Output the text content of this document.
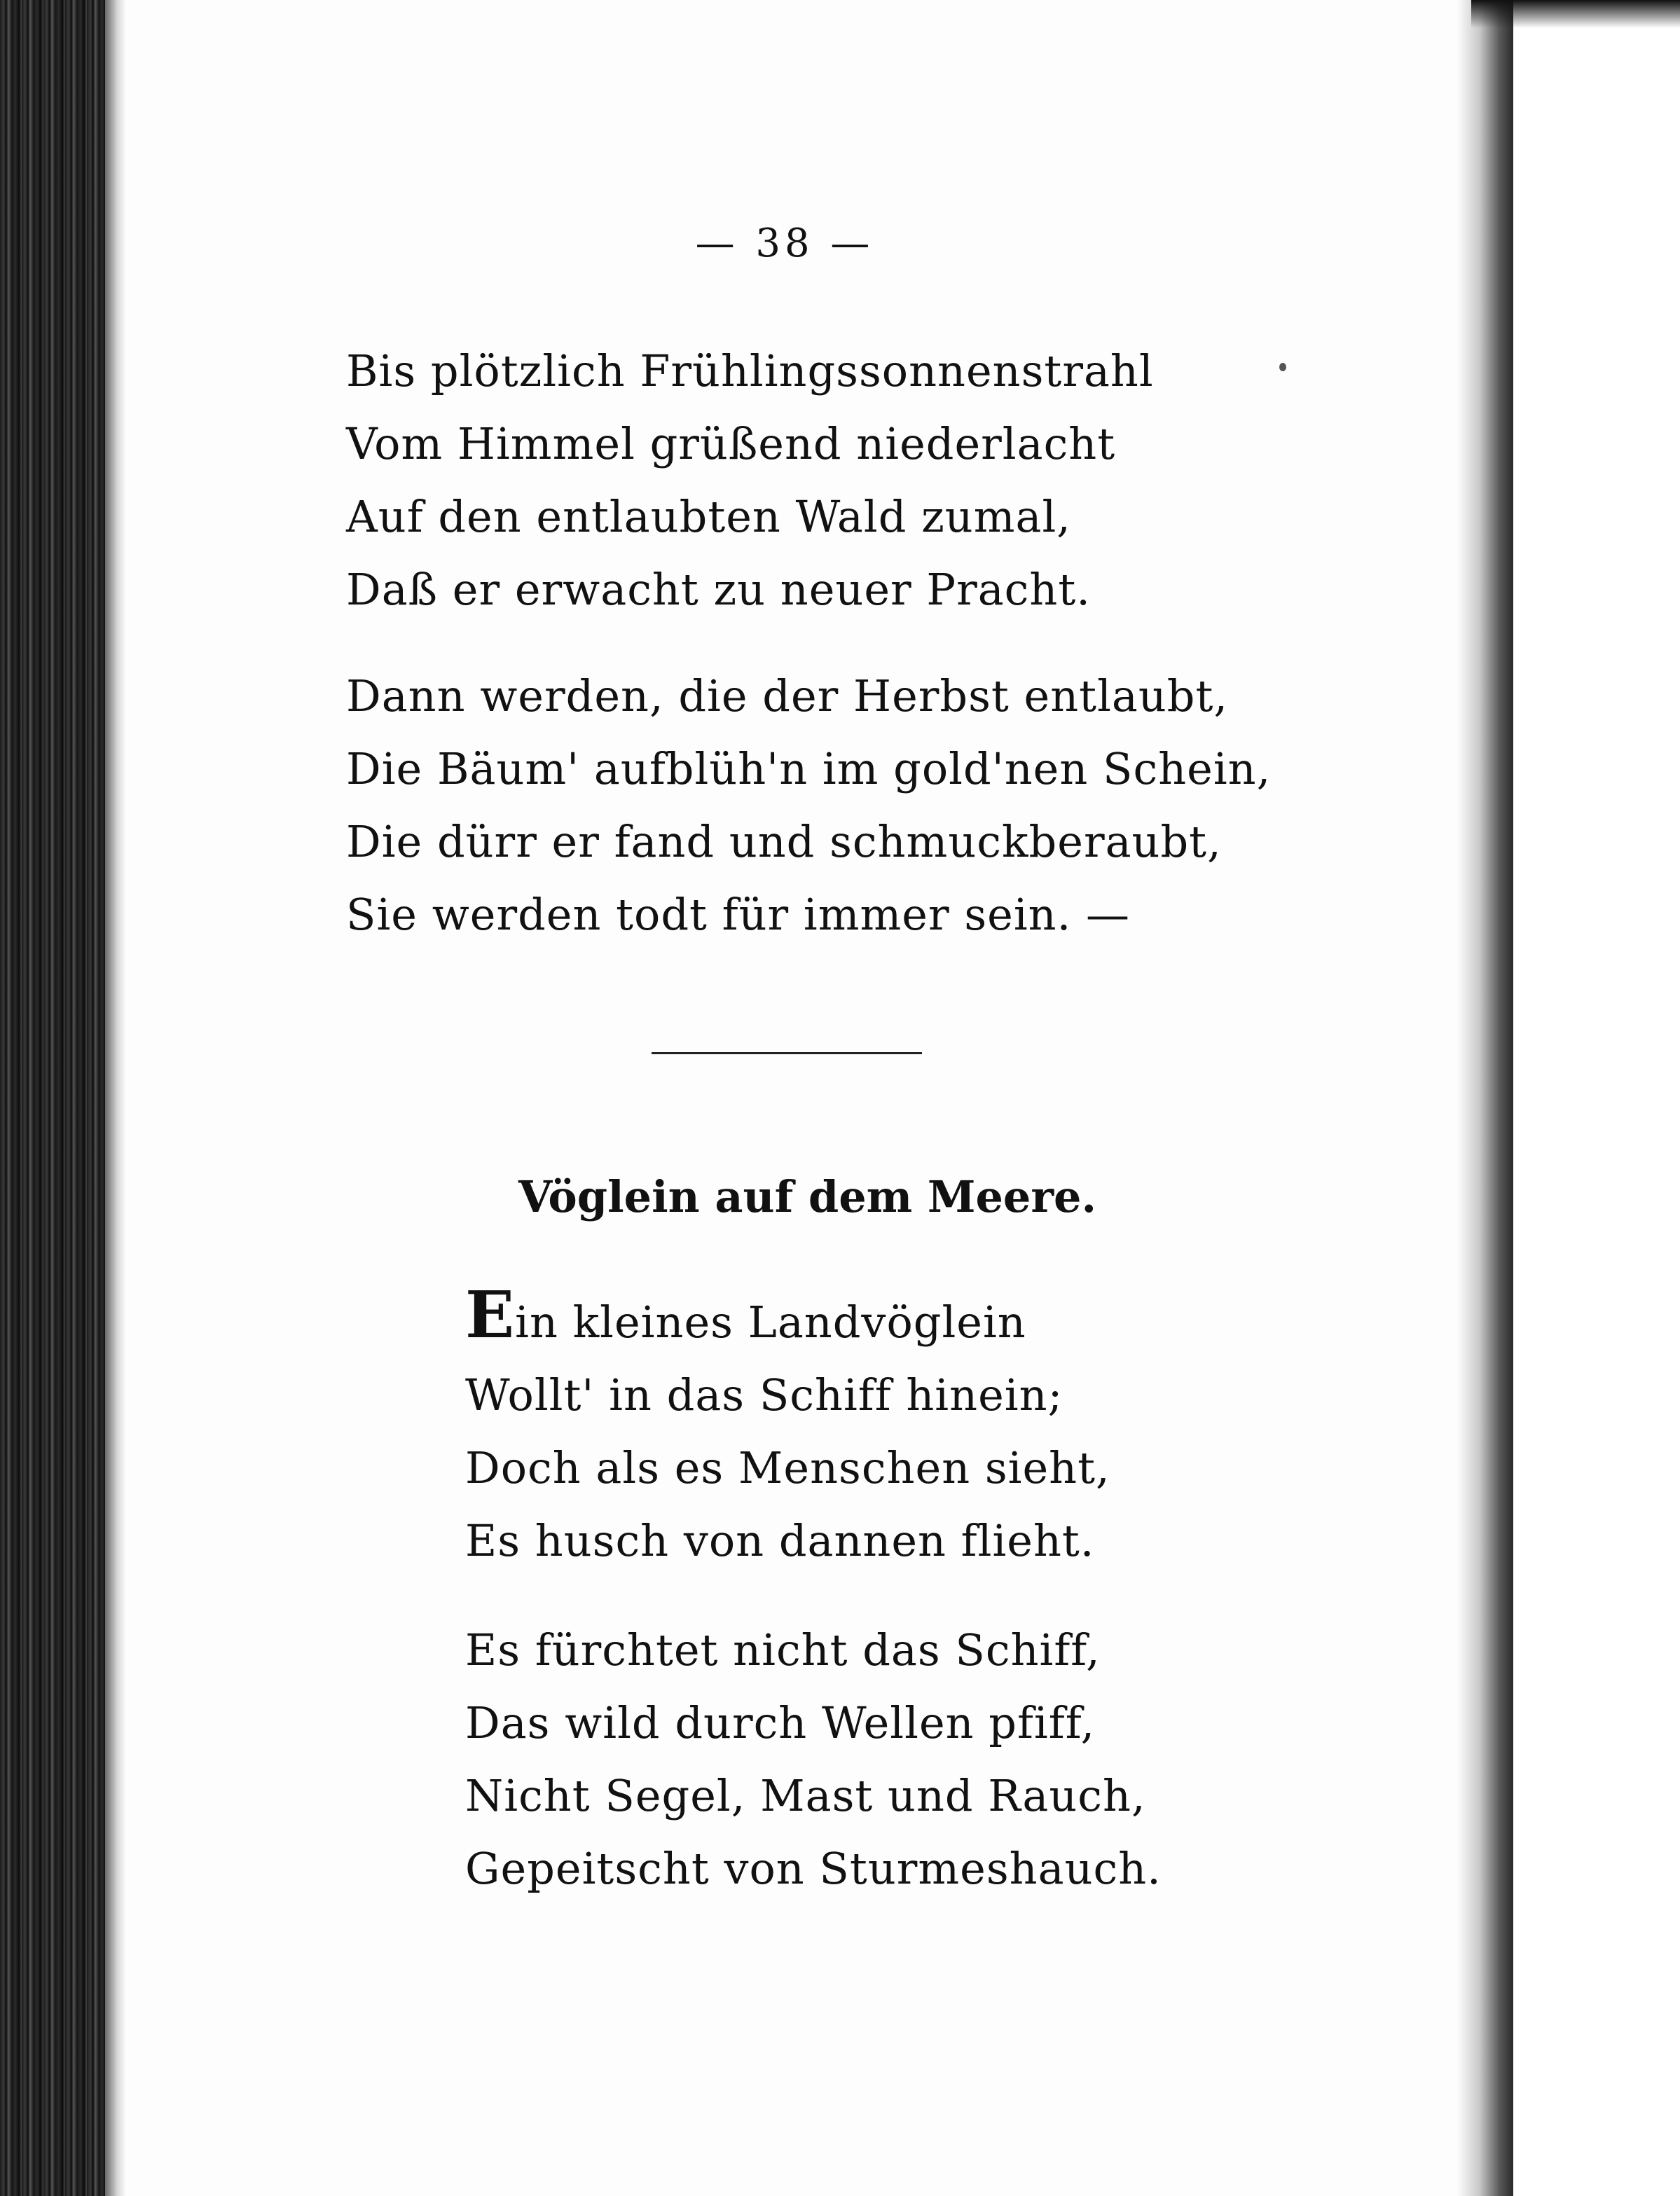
— 38 —
Bis plötzlich Frühlingssonnenstrahl
Vom Himmel grüßend niederlacht
Auf den entlaubten Wald zumal,
Daß er erwacht zu neuer Pracht.
Dann werden, die der Herbst entlaubt,
Die Bäum' aufblüh'n im gold'nen Schein,
Die dürr er fand und schmuckberaubt,
Sie werden todt für immer sein. —
Vöglein auf dem Meere.
Ein kleines Landvöglein
Wollt' in das Schiff hinein;
Doch als es Menschen sieht,
Es husch von dannen flieht.
Es fürchtet nicht das Schiff,
Das wild durch Wellen pfiff,
Nicht Segel, Mast und Rauch,
Gepeitscht von Sturmeshauch.
